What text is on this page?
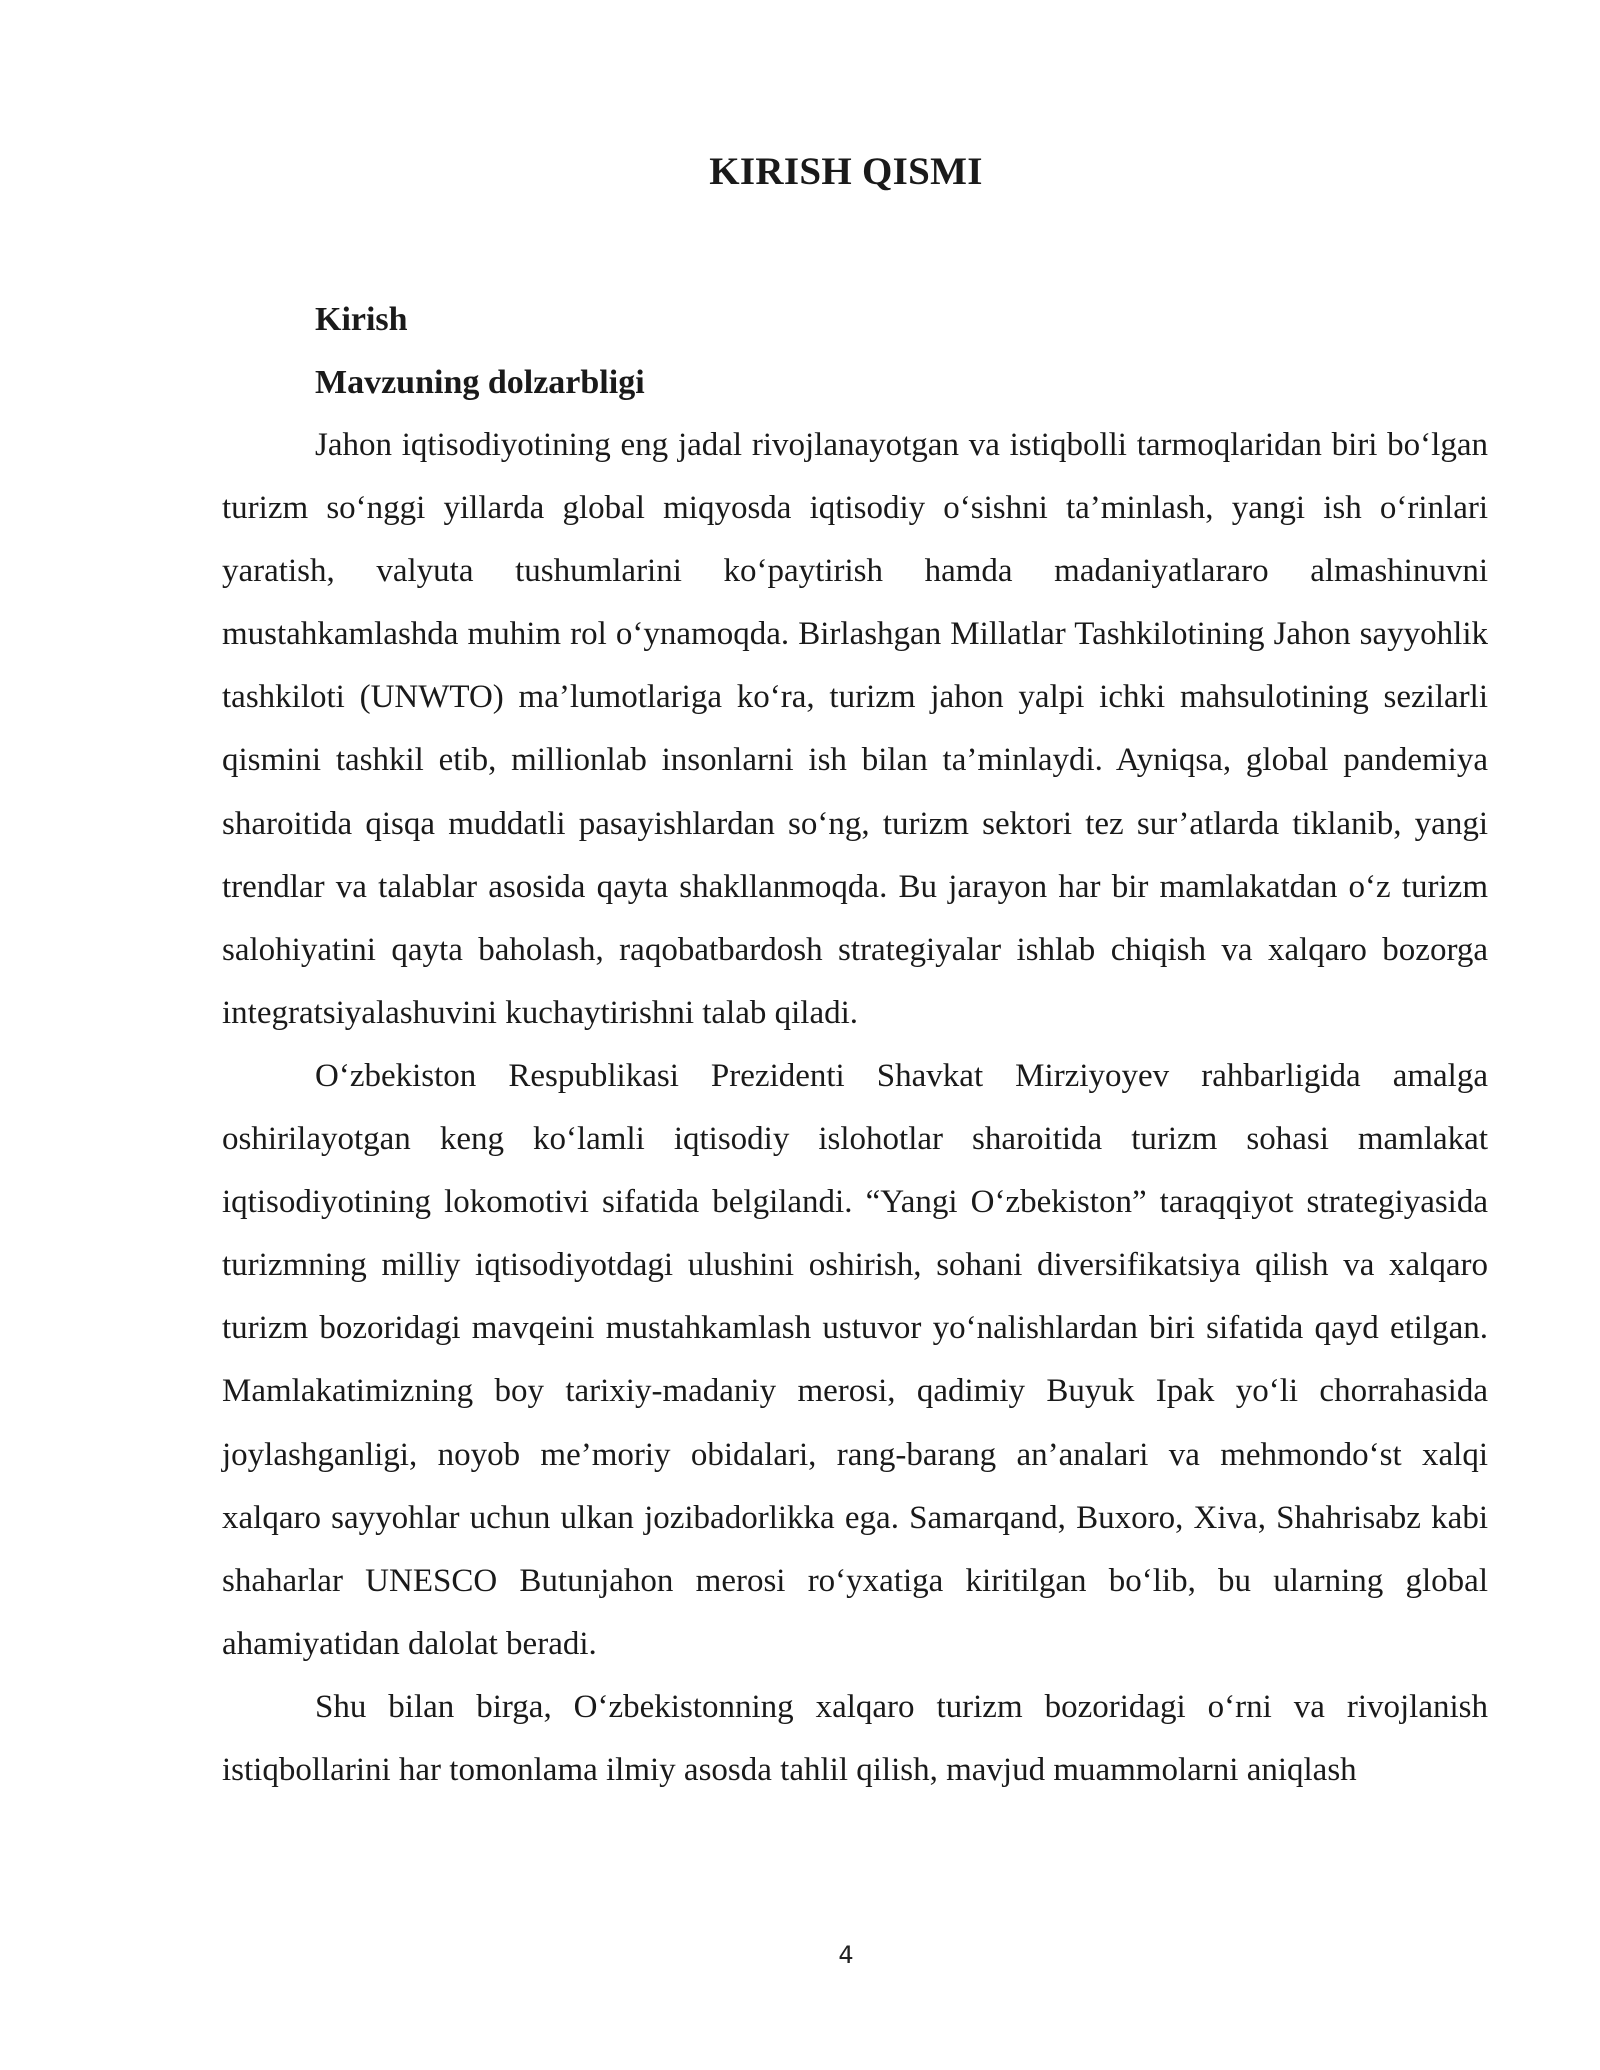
KIRISH QISMI
Kirish
Mavzuning dolzarbligi

Jahon iqtisodiyotining eng jadal rivojlanayotgan va istiqbolli tarmoqlaridan biri bo‘lgan turizm so‘nggi yillarda global miqyosda iqtisodiy o‘sishni ta’minlash, yangi ish o‘rinlari yaratish, valyuta tushumlarini ko‘paytirish hamda madaniyatlararo almashinuvni mustahkamlashda muhim rol o‘ynamoqda. Birlashgan Millatlar Tashkilotining Jahon sayyohlik tashkiloti (UNWTO) ma’lumotlariga ko‘ra, turizm jahon yalpi ichki mahsulotining sezilarli qismini tashkil etib, millionlab insonlarni ish bilan ta’minlaydi. Ayniqsa, global pandemiya sharoitida qisqa muddatli pasayishlardan so‘ng, turizm sektori tez sur’atlarda tiklanib, yangi trendlar va talablar asosida qayta shakllanmoqda. Bu jarayon har bir mamlakatdan o‘z turizm salohiyatini qayta baholash, raqobatbardosh strategiyalar ishlab chiqish va xalqaro bozorga integratsiyalashuvini kuchaytirishni talab qiladi.

O‘zbekiston Respublikasi Prezidenti Shavkat Mirziyoyev rahbarligida amalga oshirilayotgan keng ko‘lamli iqtisodiy islohotlar sharoitida turizm sohasi mamlakat iqtisodiyotining lokomotivi sifatida belgilandi. “Yangi O‘zbekiston” taraqqiyot strategiyasida turizmning milliy iqtisodiyotdagi ulushini oshirish, sohani diversifikatsiya qilish va xalqaro turizm bozoridagi mavqeini mustahkamlash ustuvor yo‘nalishlardan biri sifatida qayd etilgan. Mamlakatimizning boy tarixiy-madaniy merosi, qadimiy Buyuk Ipak yo‘li chorrahasida joylashganligi, noyob me’moriy obidalari, rang-barang an’analari va mehmondo‘st xalqi xalqaro sayyohlar uchun ulkan jozibadorlikka ega. Samarqand, Buxoro, Xiva, Shahrisabz kabi shaharlar UNESCO Butunjahon merosi ro‘yxatiga kiritilgan bo‘lib, bu ularning global ahamiyatidan dalolat beradi.

Shu bilan birga, O‘zbekistonning xalqaro turizm bozoridagi o‘rni va rivojlanish istiqbollarini har tomonlama ilmiy asosda tahlil qilish, mavjud muammolarni aniqlash

4
